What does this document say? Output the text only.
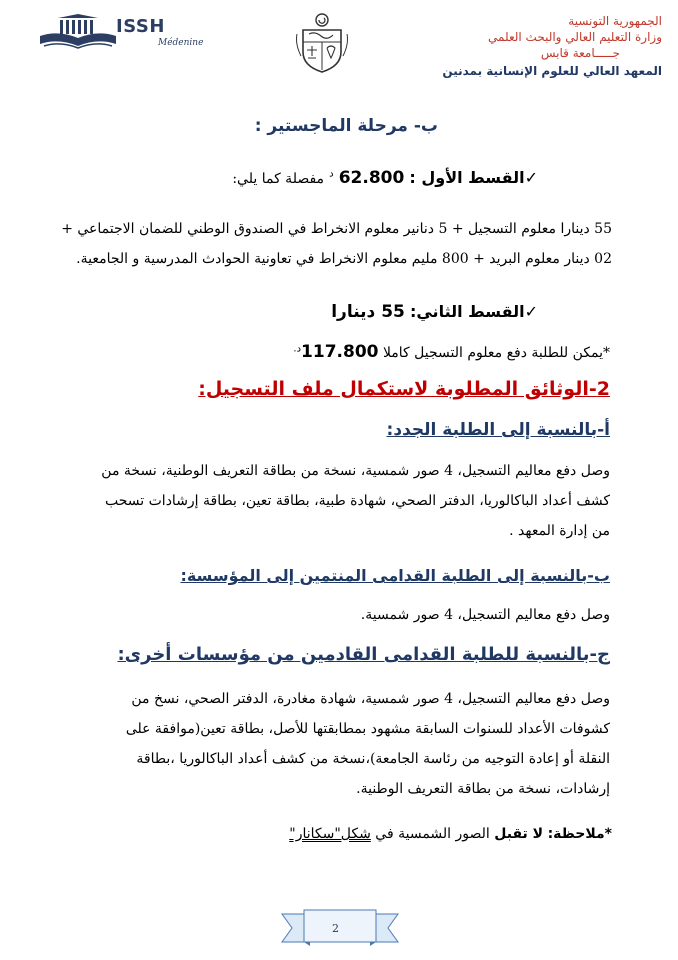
ISSH
Médenine
الجمهورية التونسية
وزارة التعليم العالي والبحث العلمي
جـــــامعة قابس
المعهد العالي للعلوم الإنسانية بمدنين
ب- مرحلة الماجستير :
✓القسط الأول : 62.800 $^د$ مفصلة كما يلي:
55 دينارا معلوم التسجيل + 5 دنانير معلوم الانخراط في الصندوق الوطني للضمان الاجتماعي +
02 دينار معلوم البريد + 800 مليم معلوم الانخراط في تعاونية الحوادث المدرسية و الجامعية.
✓القسط الثاني: 55 دينارا
*يمكن للطلبة دفع معلوم التسجيل كاملا $117.800^{د.}$
2-الوثائق المطلوبة لاستكمال ملف التسجيل:
أ-بالنسبة إلى الطلبة الجدد:
وصل دفع معاليم التسجيل، 4 صور شمسية، نسخة من بطاقة التعريف الوطنية، نسخة من
كشف أعداد الباكالوريا، الدفتر الصحي، شهادة طبية، بطاقة تعين، بطاقة إرشادات تسحب
من إدارة المعهد .
ب-بالنسبة إلى الطلبة القدامى المنتمين إلى المؤسسة:
وصل دفع معاليم التسجيل، 4 صور شمسية.
ج-بالنسبة للطلبة القدامى القادمين من مؤسسات أخرى:
وصل دفع معاليم التسجيل، 4 صور شمسية، شهادة مغادرة، الدفتر الصحي، نسخ من
كشوفات الأعداد للسنوات السابقة مشهود بمطابقتها للأصل، بطاقة تعين(موافقة على
النقلة أو إعادة التوجيه من رئاسة الجامعة)،نسخة من كشف أعداد الباكالوريا ،بطاقة
إرشادات، نسخة من بطاقة التعريف الوطنية.
*ملاحظة: لا تقبل الصور الشمسية في شكل"سكانار"
2
